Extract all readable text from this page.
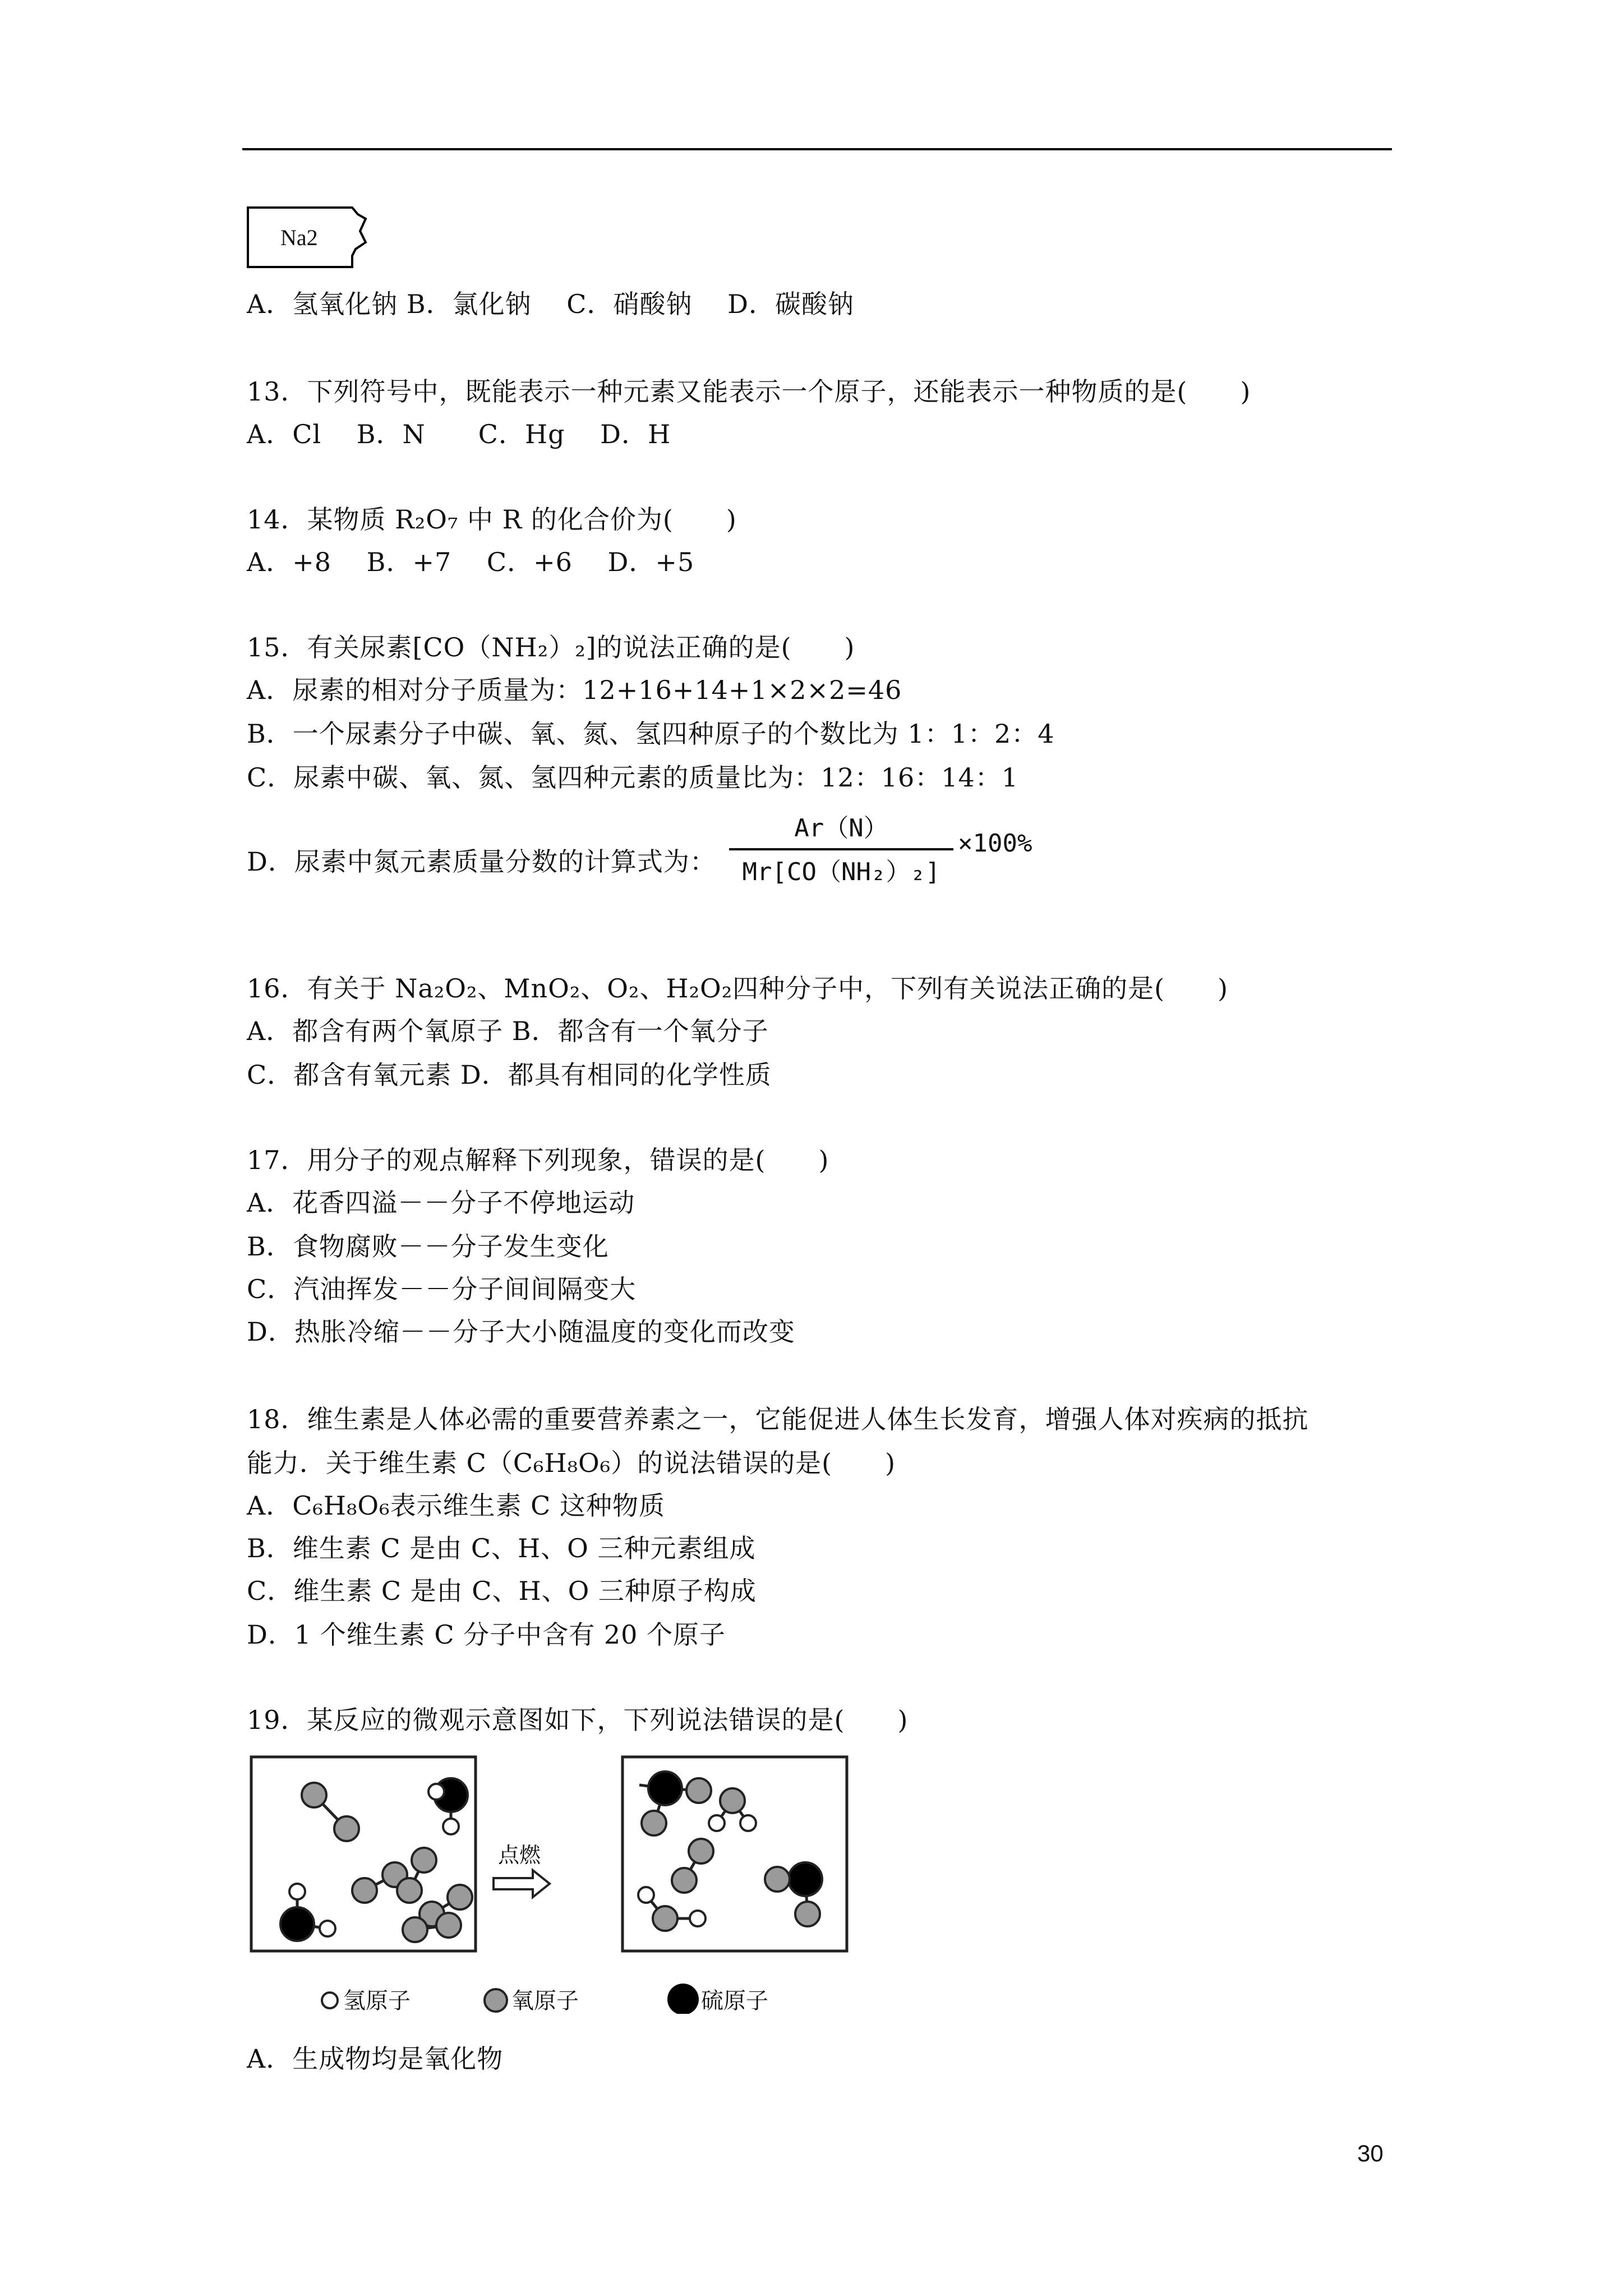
Na2
A．氢氧化钠 B．氯化钠　 C．硝酸钠　 D．碳酸钠
13．下列符号中，既能表示一种元素又能表示一个原子，还能表示一种物质的是(　　)
A．Cl　 B．N　　C．Hg　 D．H
14．某物质 R₂O₇ 中 R 的化合价为(　　)
A．+8　 B．+7　 C．+6　 D．+5
15．有关尿素[CO（NH₂）₂]的说法正确的是(　　)
A．尿素的相对分子质量为：12+16+14+1×2×2=46
B．一个尿素分子中碳、氧、氮、氢四种原子的个数比为 1：1：2：4
C．尿素中碳、氧、氮、氢四种元素的质量比为：12：16：14：1
D．尿素中氮元素质量分数的计算式为：
Ar（N）
Mr[CO（NH₂）₂]
×100%
16．有关于 Na₂O₂、MnO₂、O₂、H₂O₂四种分子中，下列有关说法正确的是(　　)
A．都含有两个氧原子 B．都含有一个氧分子
C．都含有氧元素 D．都具有相同的化学性质
17．用分子的观点解释下列现象，错误的是(　　)
A．花香四溢－－分子不停地运动
B．食物腐败－－分子发生变化
C．汽油挥发－－分子间间隔变大
D．热胀冷缩－－分子大小随温度的变化而改变
18．维生素是人体必需的重要营养素之一，它能促进人体生长发育，增强人体对疾病的抵抗
能力．关于维生素 C（C₆H₈O₆）的说法错误的是(　　)
A．C₆H₈O₆表示维生素 C 这种物质
B．维生素 C 是由 C、H、O 三种元素组成
C．维生素 C 是由 C、H、O 三种原子构成
D．1 个维生素 C 分子中含有 20 个原子
19．某反应的微观示意图如下，下列说法错误的是(　　)
点燃
氢原子	氧原子	硫原子
A．生成物均是氧化物
30
